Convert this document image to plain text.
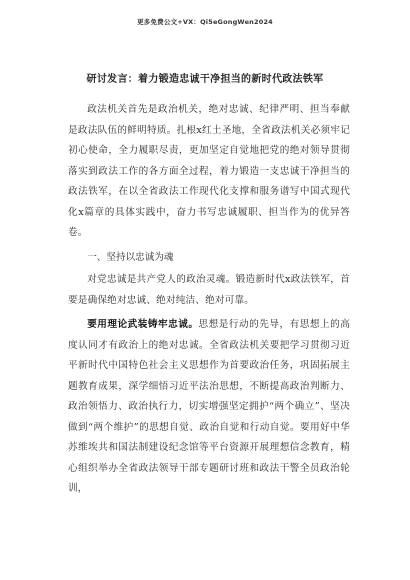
更多免费公文+VX：Qi5eGongWen2024
研讨发言：着力锻造忠诚干净担当的新时代政法铁军

政法机关首先是政治机关，绝对忠诚、纪律严明、担当奉献是政法队伍的鲜明特质。扎根x红土圣地，全省政法机关必须牢记初心使命，全力履职尽责，更加坚定自觉地把党的绝对领导贯彻落实到政法工作的各方面全过程，着力锻造一支忠诚干净担当的政法铁军，在以全省政法工作现代化支撑和服务谱写中国式现代化x篇章的具体实践中，奋力书写忠诚履职、担当作为的优异答卷。

一、坚持以忠诚为魂

对党忠诚是共产党人的政治灵魂。锻造新时代x政法铁军，首要是确保绝对忠诚、绝对纯洁、绝对可靠。

要用理论武装铸牢忠诚。思想是行动的先导，有思想上的高度认同才有政治上的绝对忠诚。全省政法机关要把学习贯彻习近平新时代中国特色社会主义思想作为首要政治任务，巩固拓展主题教育成果，深学细悟习近平法治思想，不断提高政治判断力、政治领悟力、政治执行力，切实增强坚定拥护“两个确立”、坚决做到“两个维护”的思想自觉、政治自觉和行动自觉。要用好中华苏维埃共和国法制建设纪念馆等平台资源开展理想信念教育，精心组织举办全省政法领导干部专题研讨班和政法干警全员政治轮训，
